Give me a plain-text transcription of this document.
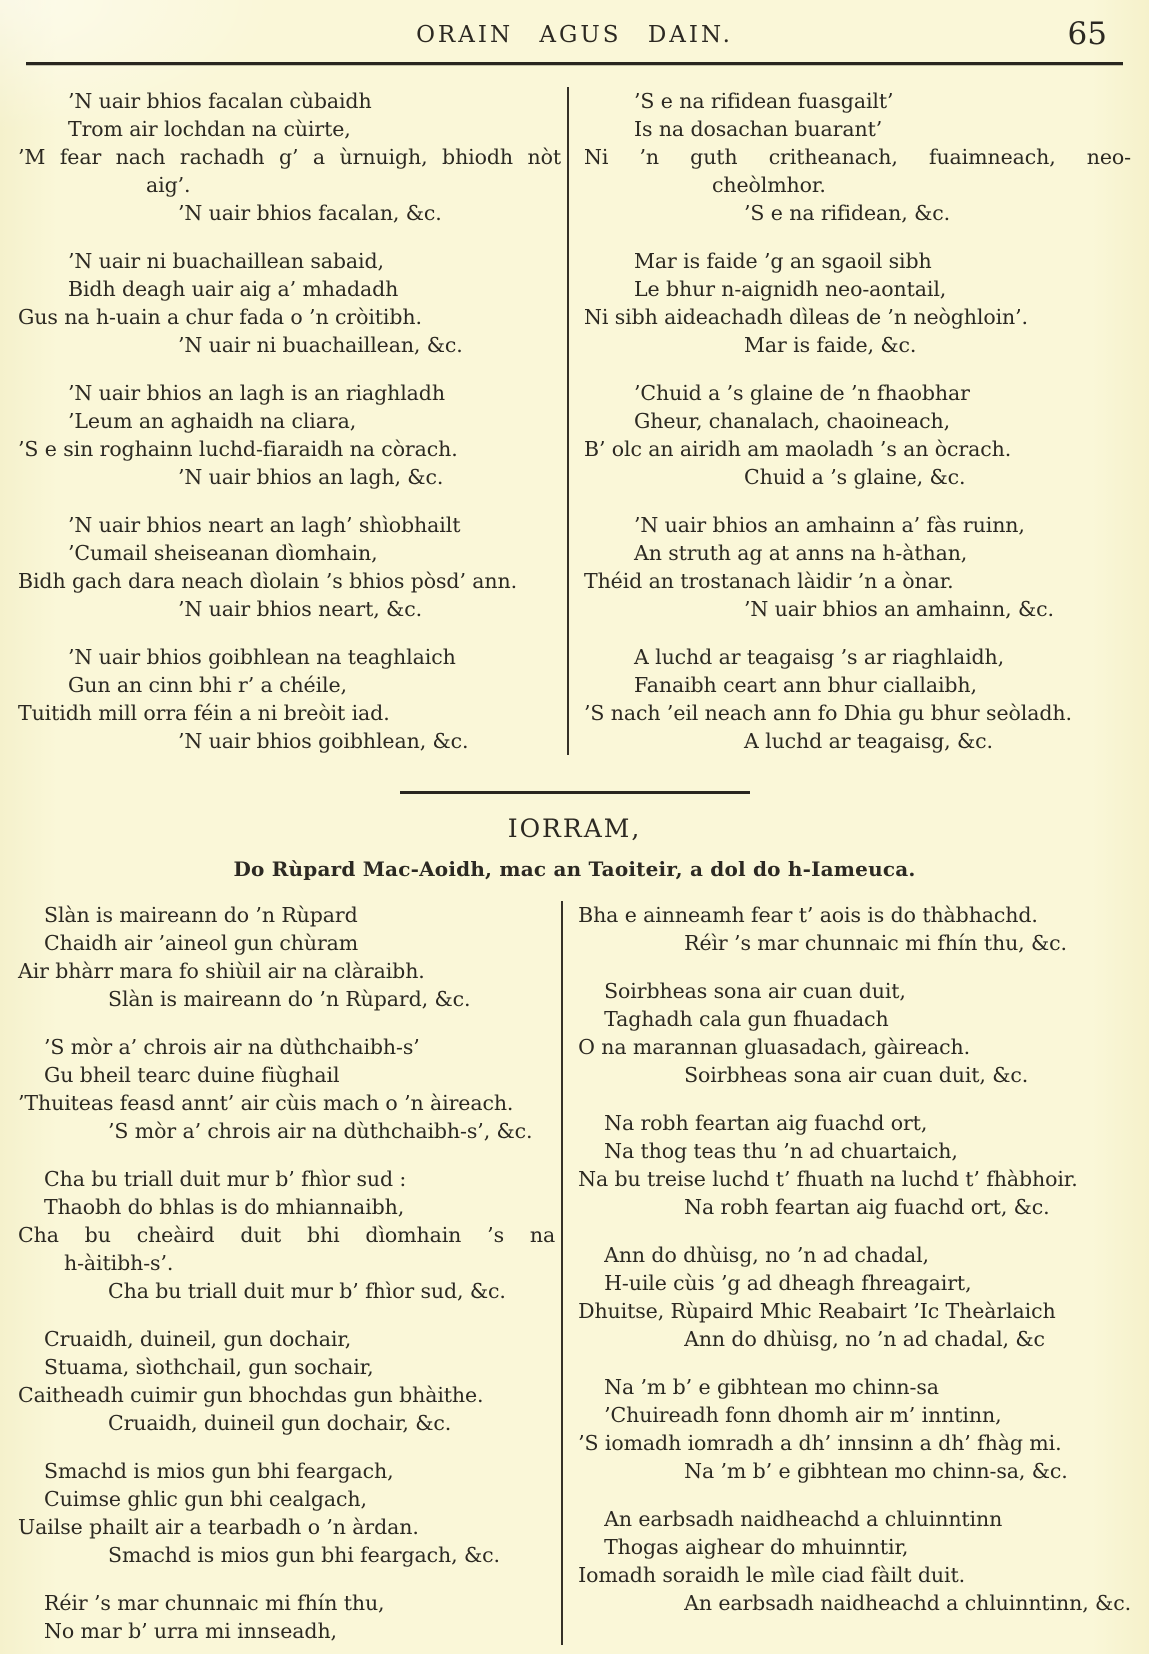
ORAIN AGUS DAIN.	65
’N uair bhios facalan cùbaidh
Trom air lochdan na cùirte,
’M fear nach rachadh g’ a ùrnuigh, bhiodh nòt
aig’.
’N uair bhios facalan, &c.
’N uair ni buachaillean sabaid,
Bidh deagh uair aig a’ mhadadh
Gus na h-uain a chur fada o ’n cròitibh.
’N uair ni buachaillean, &c.
’N uair bhios an lagh is an riaghladh
’Leum an aghaidh na cliara,
’S e sin roghainn luchd-fiaraidh na còrach.
’N uair bhios an lagh, &c.
’N uair bhios neart an lagh’ shìobhailt
’Cumail sheiseanan dìomhain,
Bidh gach dara neach dìolain ’s bhios pòsd’ ann.
’N uair bhios neart, &c.
’N uair bhios goibhlean na teaghlaich
Gun an cinn bhi r’ a chéile,
Tuitidh mill orra féin a ni breòit iad.
’N uair bhios goibhlean, &c.
’S e na rifidean fuasgailt’
Is na dosachan buarant’
Ni ’n guth critheanach, fuaimneach, neo-
cheòlmhor.
’S e na rifidean, &c.
Mar is faide ’g an sgaoil sibh
Le bhur n-aignidh neo-aontail,
Ni sibh aideachadh dìleas de ’n neòghloin’.
Mar is faide, &c.
’Chuid a ’s glaine de ’n fhaobhar
Gheur, chanalach, chaoineach,
B’ olc an airidh am maoladh ’s an òcrach.
Chuid a ’s glaine, &c.
’N uair bhios an amhainn a’ fàs ruinn,
An struth ag at anns na h-àthan,
Théid an trostanach làidir ’n a ònar.
’N uair bhios an amhainn, &c.
A luchd ar teagaisg ’s ar riaghlaidh,
Fanaibh ceart ann bhur ciallaibh,
’S nach ’eil neach ann fo Dhia gu bhur seòladh.
A luchd ar teagaisg, &c.
IORRAM,
Do Rùpard Mac-Aoidh, mac an Taoiteir, a dol do h-Iameuca.
Slàn is maireann do ’n Rùpard
Chaidh air ’aineol gun chùram
Air bhàrr mara fo shiùil air na clàraibh.
Slàn is maireann do ’n Rùpard, &c.
’S mòr a’ chrois air na dùthchaibh-s’
Gu bheil tearc duine fiùghail
’Thuiteas feasd annt’ air cùis mach o ’n àireach.
’S mòr a’ chrois air na dùthchaibh-s’, &c.
Cha bu triall duit mur b’ fhìor sud :
Thaobh do bhlas is do mhiannaibh,
Cha bu cheàird duit bhi dìomhain ’s na
h-àitibh-s’.
Cha bu triall duit mur b’ fhìor sud, &c.
Cruaidh, duineil, gun dochair,
Stuama, sìothchail, gun sochair,
Caitheadh cuimir gun bhochdas gun bhàithe.
Cruaidh, duineil gun dochair, &c.
Smachd is mios gun bhi feargach,
Cuimse ghlic gun bhi cealgach,
Uailse phailt air a tearbadh o ’n àrdan.
Smachd is mios gun bhi feargach, &c.
Réir ’s mar chunnaic mi fhín thu,
No mar b’ urra mi innseadh,
Bha e ainneamh fear t’ aois is do thàbhachd.
Réìr ’s mar chunnaic mi fhín thu, &c.
Soirbheas sona air cuan duit,
Taghadh cala gun fhuadach
O na marannan gluasadach, gàireach.
Soirbheas sona air cuan duit, &c.
Na robh feartan aig fuachd ort,
Na thog teas thu ’n ad chuartaich,
Na bu treise luchd t’ fhuath na luchd t’ fhàbhoir.
Na robh feartan aig fuachd ort, &c.
Ann do dhùisg, no ’n ad chadal,
H-uile cùis ’g ad dheagh fhreagairt,
Dhuitse, Rùpaird Mhic Reabairt ’Ic Theàrlaich
Ann do dhùisg, no ’n ad chadal, &c
Na ’m b’ e gibhtean mo chinn-sa
’Chuireadh fonn dhomh air m’ inntinn,
’S iomadh iomradh a dh’ innsinn a dh’ fhàg mi.
Na ’m b’ e gibhtean mo chinn-sa, &c.
An earbsadh naidheachd a chluinntinn
Thogas aighear do mhuinntir,
Iomadh soraidh le mìle ciad fàilt duit.
An earbsadh naidheachd a chluinntinn, &c.
